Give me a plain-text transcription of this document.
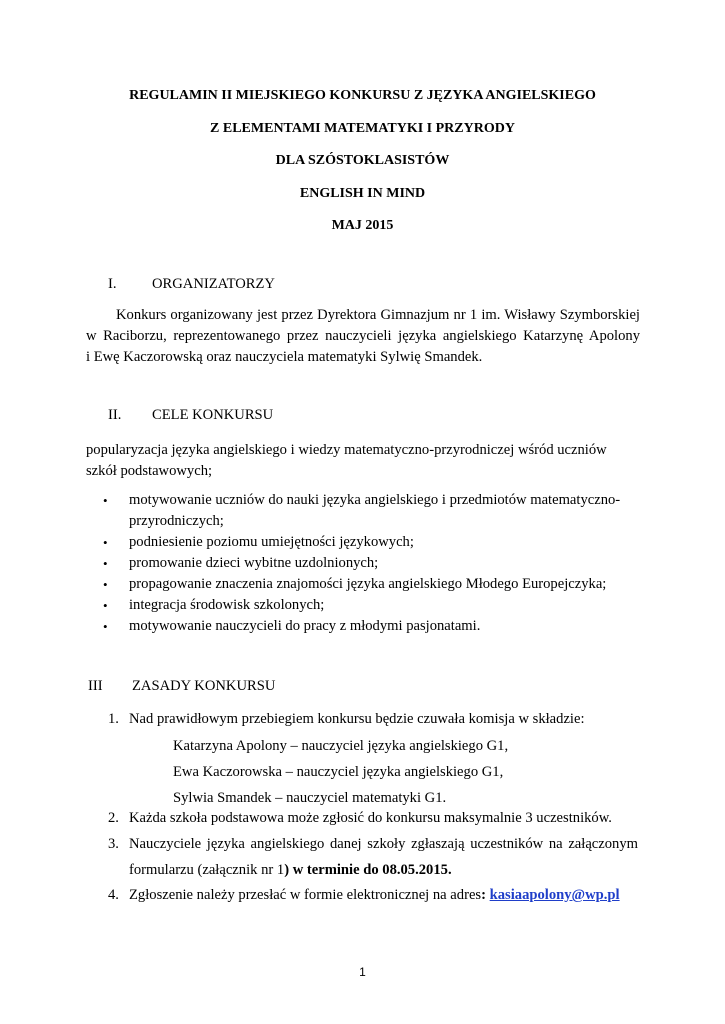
REGULAMIN II MIEJSKIEGO KONKURSU Z JĘZYKA ANGIELSKIEGO
Z ELEMENTAMI MATEMATYKI I PRZYRODY
DLA SZÓSTOKLASISTÓW
ENGLISH IN MIND
MAJ 2015
I. ORGANIZATORZY
Konkurs organizowany jest przez Dyrektora Gimnazjum nr 1 im. Wisławy Szymborskiej
w Raciborzu, reprezentowanego przez nauczycieli języka angielskiego Katarzynę Apolony
i Ewę Kaczorowską oraz nauczyciela matematyki Sylwię Smandek.
II. CELE KONKURSU
popularyzacja języka angielskiego i wiedzy matematyczno-przyrodniczej wśród uczniów
szkół podstawowych;
• motywowanie uczniów do nauki języka angielskiego i przedmiotów matematyczno-
przyrodniczych;
• podniesienie poziomu umiejętności językowych;
• promowanie dzieci wybitne uzdolnionych;
• propagowanie znaczenia znajomości języka angielskiego Młodego Europejczyka;
• integracja środowisk szkolonych;
• motywowanie nauczycieli do pracy z młodymi pasjonatami.
III ZASADY KONKURSU
1. Nad prawidłowym przebiegiem konkursu będzie czuwała komisja w składzie:
Katarzyna Apolony – nauczyciel języka angielskiego G1,
Ewa Kaczorowska – nauczyciel języka angielskiego G1,
Sylwia Smandek – nauczyciel matematyki G1.
2. Każda szkoła podstawowa może zgłosić do konkursu maksymalnie 3 uczestników.
3. Nauczyciele języka angielskiego danej szkoły zgłaszają uczestników na załączonym
formularzu (załącznik nr 1) w terminie do 08.05.2015.
4. Zgłoszenie należy przesłać w formie elektronicznej na adres: kasiaapolony@wp.pl
1
